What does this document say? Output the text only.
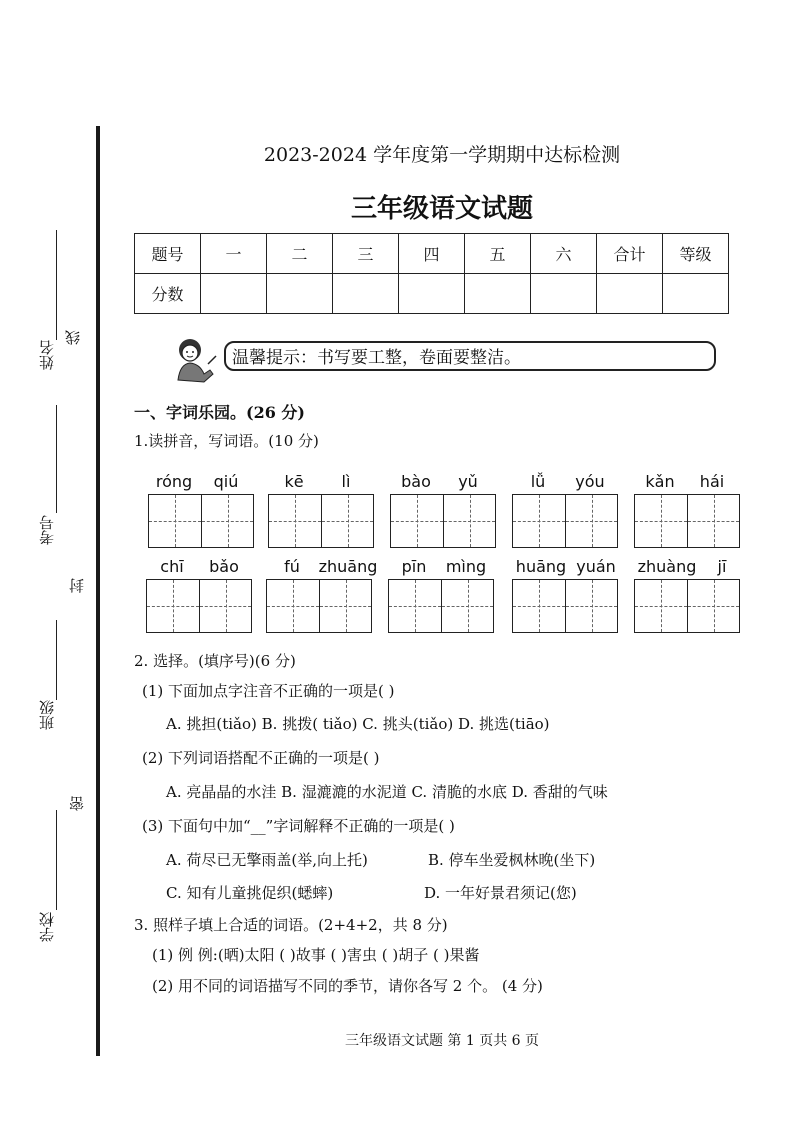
姓名
线
考号
封
班级
密
学校
2023-2024 学年度第一学期期中达标检测
三年级语文试题
题号	一	二	三	四	五	六	合计	等级
分数								
温馨提示：书写要工整，卷面要整洁。
一、字词乐园。(26 分)
1.读拼音，写词语。(10 分)
róng	qiú	kē	lì	bào	yǔ	lǚ	yóu	kǎn	hái
chī	bǎo	fú	zhuāng	pīn	mìng	huāng yuán	zhuàng	jī
2. 选择。(填序号)(6 分)
(1) 下面加点字注音不正确的一项是( )
A. 挑担(tiǎo) B. 挑拨( tiǎo) C. 挑头(tiǎo) D. 挑选(tiāo)
(2) 下列词语搭配不正确的一项是( )
A. 亮晶晶的水洼 B. 湿漉漉的水泥道 C. 清脆的水底 D. 香甜的气味
(3) 下面句中加“__”字词解释不正确的一项是( )
A. 荷尽已无擎雨盖(举,向上托)	B. 停车坐爱枫林晚(坐下)
C. 知有儿童挑促织(蟋蟀)	D. 一年好景君须记(您)
3. 照样子填上合适的词语。(2+4+2，共 8 分)
(1) 例 例:(晒)太阳 ( )故事 ( )害虫 ( )胡子 ( )果酱
(2) 用不同的词语描写不同的季节，请你各写 2 个。 (4 分)
三年级语文试题 第 1 页共 6 页
